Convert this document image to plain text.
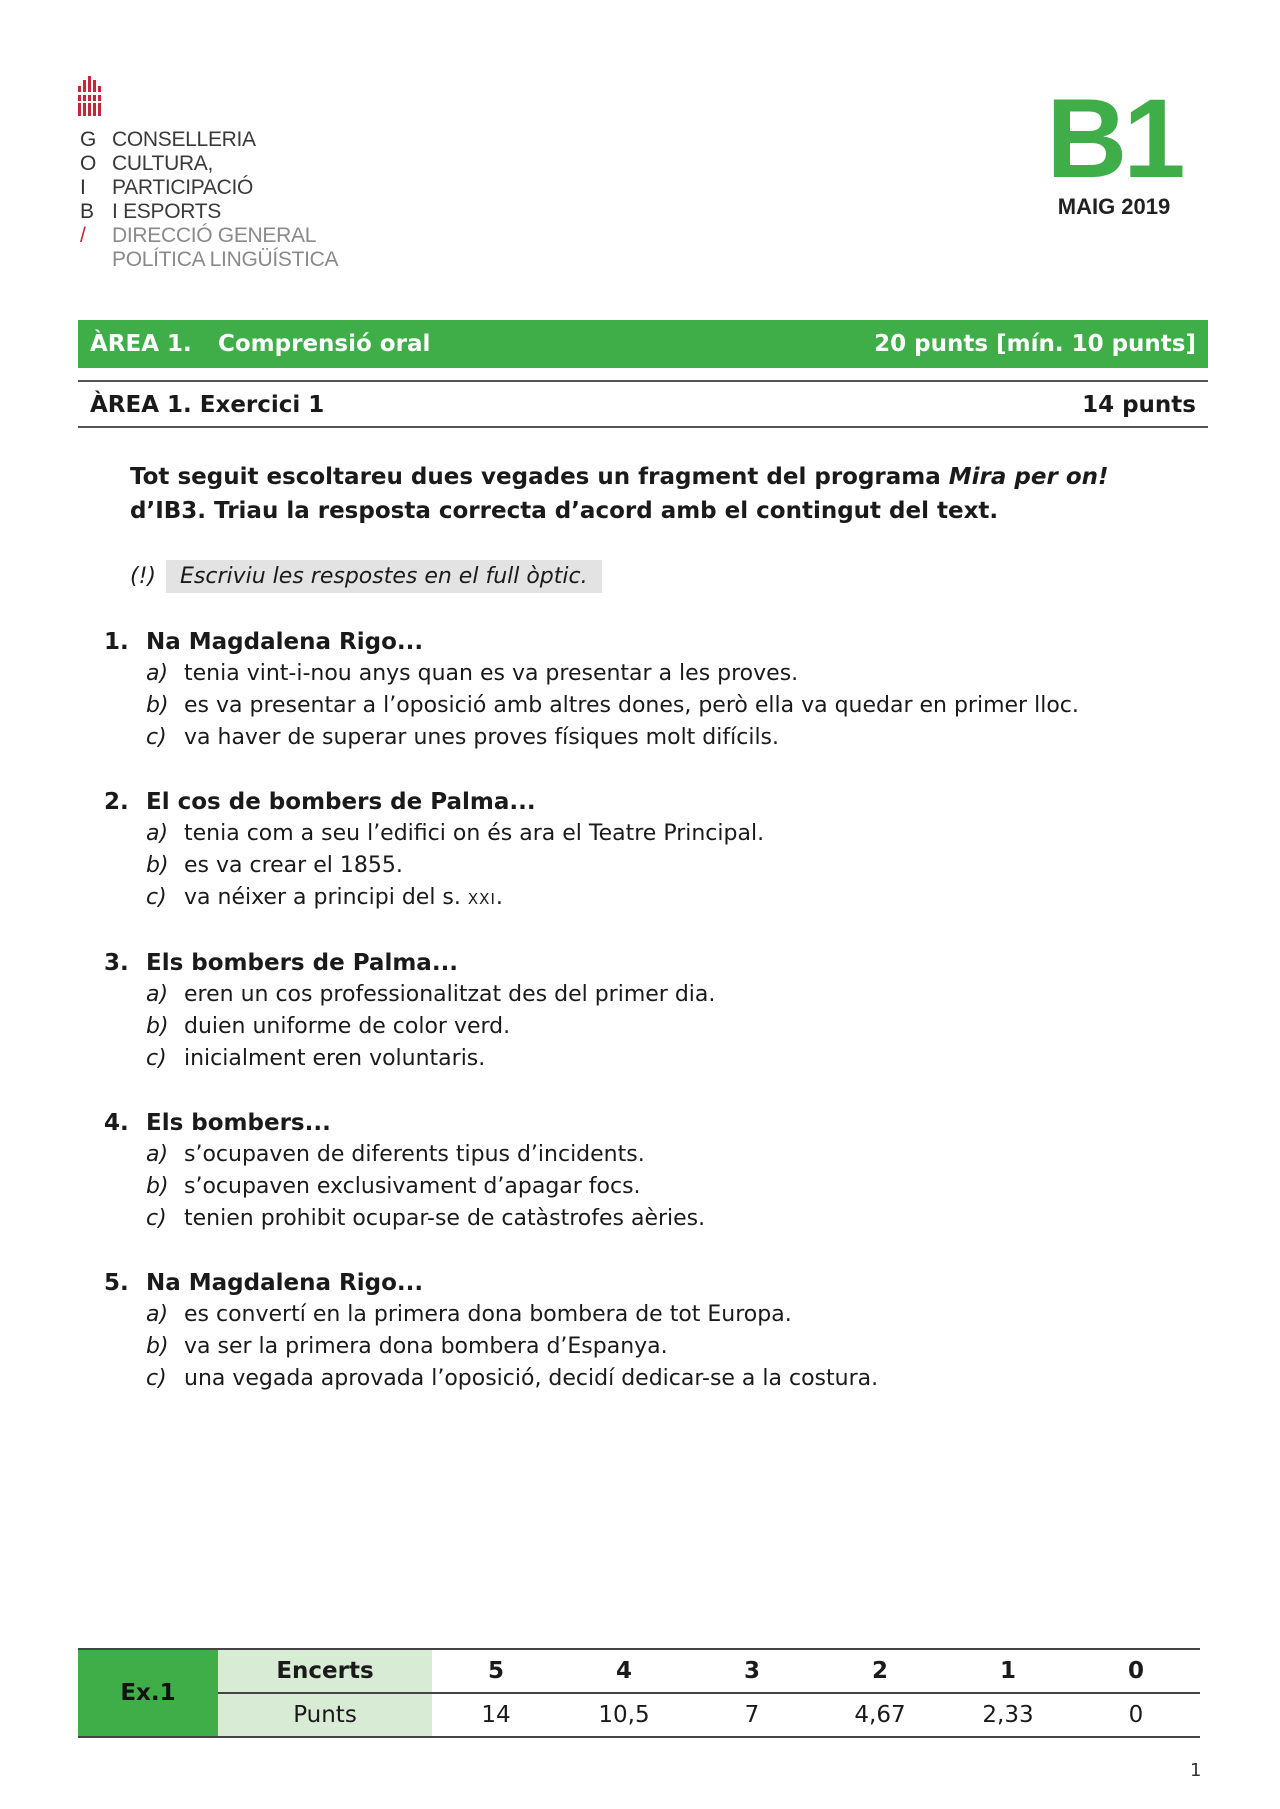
G
O
I
B
/
CONSELLERIA
CULTURA,
PARTICIPACIÓ
I ESPORTS
DIRECCIÓ GENERAL
POLÍTICA LINGÜÍSTICA
B1
MAIG 2019
ÀREA 1. Comprensió oral	20 punts [mín. 10 punts]
ÀREA 1. Exercici 1	14 punts
Tot seguit escoltareu dues vegades un fragment del programa Mira per on! d’IB3. Triau la resposta correcta d’acord amb el contingut del text.
(!) Escriviu les respostes en el full òptic.
1. Na Magdalena Rigo...
a) tenia vint-i-nou anys quan es va presentar a les proves.
b) es va presentar a l’oposició amb altres dones, però ella va quedar en primer lloc.
c) va haver de superar unes proves físiques molt difícils.
2. El cos de bombers de Palma...
a) tenia com a seu l’edifici on és ara el Teatre Principal.
b) es va crear el 1855.
c) va néixer a principi del s. XXI.
3. Els bombers de Palma...
a) eren un cos professionalitzat des del primer dia.
b) duien uniforme de color verd.
c) inicialment eren voluntaris.
4. Els bombers...
a) s’ocupaven de diferents tipus d’incidents.
b) s’ocupaven exclusivament d’apagar focs.
c) tenien prohibit ocupar-se de catàstrofes aèries.
5. Na Magdalena Rigo...
a) es convertí en la primera dona bombera de tot Europa.
b) va ser la primera dona bombera d’Espanya.
c) una vegada aprovada l’oposició, decidí dedicar-se a la costura.
Ex.1	Encerts	5	4	3	2	1	0
	Punts	14	10,5	7	4,67	2,33	0
1
